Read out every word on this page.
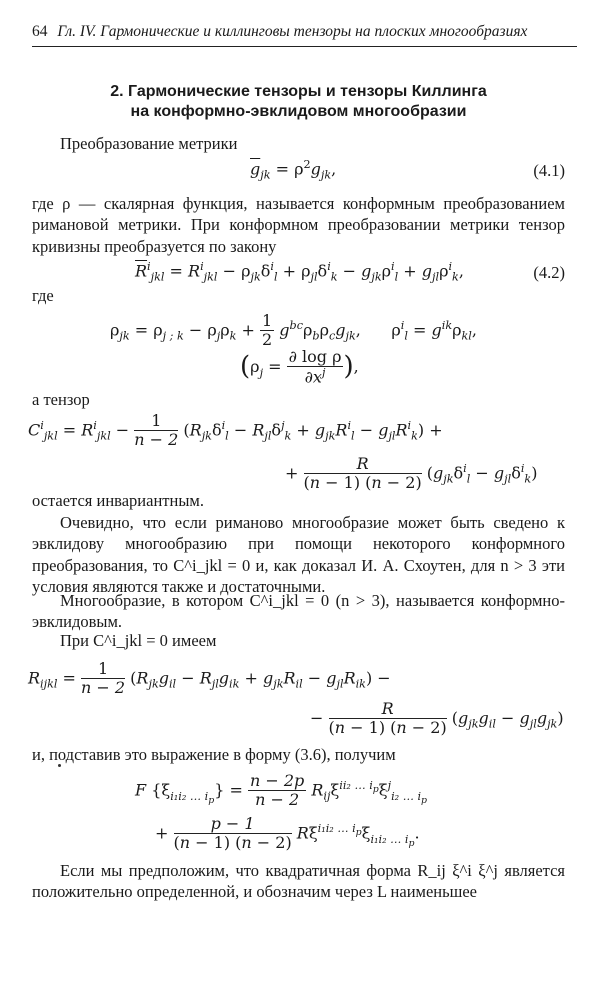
64 Гл. IV. Гармонические и киллинговы тензоры на плоских многообразиях
2. Гармонические тензоры и тензоры Киллинга
на конформно-эвклидовом многообразии
Преобразование метрики
$\overline{g}_{jk} = \rho^2g_{jk}$,	(4.1)
где ρ — скалярная функция, называется конформным преобразованием римановой метрики. При конформном преобразовании метрики тензор кривизны преобразуется по закону
$\overline{R}^i_{jkl} = R^i_{jkl} - \rho_{jk}\delta^i_l + \rho_{jl}\delta^i_k - g_{jk}\rho^i_l + g_{jl}\rho^i_k$,	(4.2)
где
$\rho_{jk} = \rho_{j ; k} - \rho_j\rho_k + \frac{1}{2} g^{bc}\rho_b\rho_cg_{jk}$,      $\rho^i_l = g^{ik}\rho_{kl}$,
($\rho_j = \frac{\text{∂ log ρ}}{\partial x^j}$ ),
а тензор
$C^i_{jkl} = R^i_{jkl} - \frac{1}{n - 2} (R_{jk}\delta^i_l - R_{jl}\delta^j_k + g_{jk}R^i_l - g_{jl}R^i_k)$ +
+ $\frac{R}{(n - 1) (n - 2)} (g_{jk}\delta^i_l - g_{jl}\delta^i_k)$
остается инвариантным.
Очевидно, что если риманово многообразие может быть сведено к эвклидову многообразию при помощи некоторого конформного преобразования, то C^i_jkl = 0 и, как доказал И. А. Схоутен, для n > 3 эти условия являются также и достаточными.
Многообразие, в котором C^i_jkl = 0 (n > 3), называется конформно-эвклидовым.
При C^i_jkl = 0 имеем
$R_{ijkl} = \frac{1}{n - 2} (R_{jk}g_{il} - R_{jl}g_{ik} + g_{jk}R_{il} - g_{jl}R_{ik})$ −
− $\frac{R}{(n - 1) (n - 2)} (g_{jk}g_{il} - g_{jl}g_{jk})$
и, подставив это выражение в форму (3.6), получим
F $\{\xi_{i_1i_2 \dots i_p}\} = \frac{n - 2p}{n - 2} R_{ij}\xi^{ii_2 \dots i_p}\xi^j_{i_2 \dots i_p}$
+ $\frac{p - 1}{(n - 1) (n - 2)} R\xi^{i_1i_2 \dots i_p}\xi_{i_1i_2 \dots i_p}$.
Если мы предположим, что квадратичная форма R_ij ξ^i ξ^j является положительно определенной, и обозначим через L наименьшее
